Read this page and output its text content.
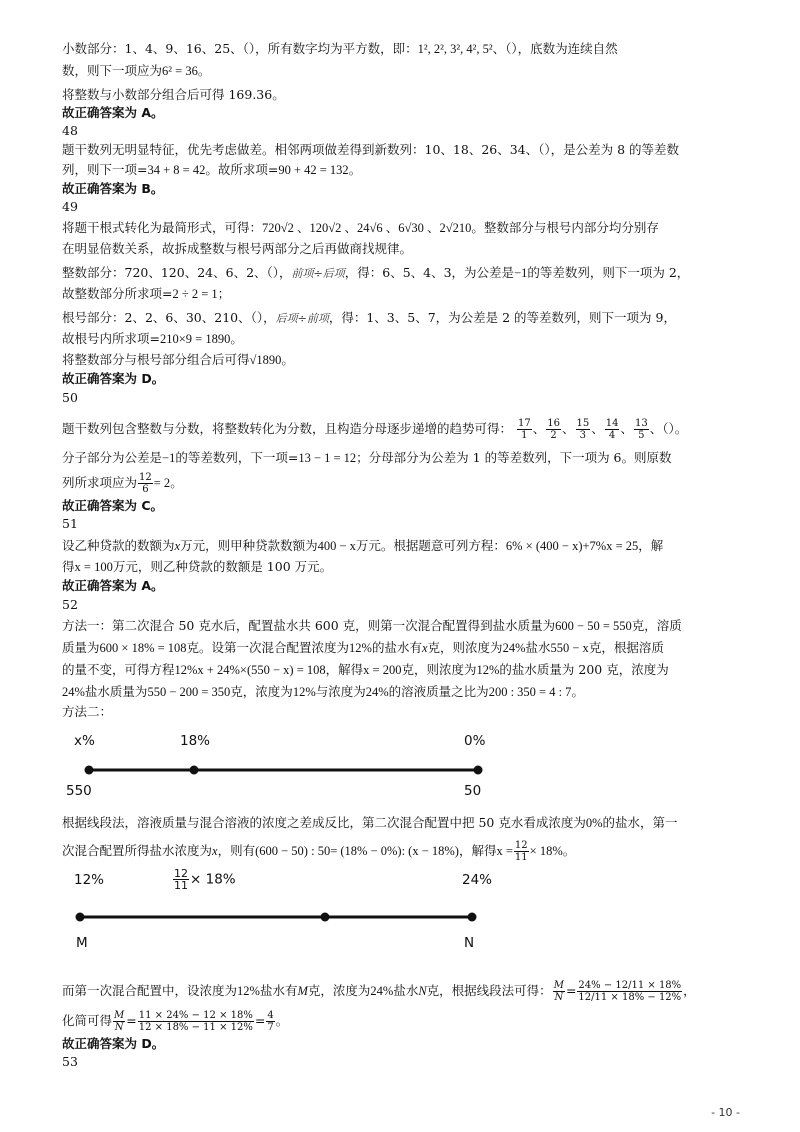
小数部分：1、4、9、16、25、（），所有数字均为平方数，即：1², 2², 3², 4², 5²、（），底数为连续自然
数，则下一项应为6² = 36。
将整数与小数部分组合后可得 169.36。
故正确答案为 A。
48
题干数列无明显特征，优先考虑做差。相邻两项做差得到新数列：10、18、26、34、（），是公差为 8 的等差数
列，则下一项=34 + 8 = 42。故所求项=90 + 42 = 132。
故正确答案为 B。
49
将题干根式转化为最简形式，可得：720√2 、120√2 、24√6 、6√30 、2√210。整数部分与根号内部分均分别存
在明显倍数关系，故拆成整数与根号两部分之后再做商找规律。
整数部分：720、120、24、6、2、（），前项÷后项，得：6、5、4、3，为公差是−1的等差数列，则下一项为 2，
故整数部分所求项=2 ÷ 2 = 1；
根号部分：2、2、6、30、210、（），后项÷前项，得：1、3、5、7，为公差是 2 的等差数列，则下一项为 9，
故根号内所求项=210×9 = 1890。
将整数部分与根号部分组合后可得√1890。
故正确答案为 D。
50
题干数列包含整数与分数，将整数转化为分数，且构造分母逐步递增的趋势可得： $\frac{17}{1}$ 、 $\frac{16}{2}$ 、 $\frac{15}{3}$ 、 $\frac{14}{4}$ 、 $\frac{13}{5}$ 、（）。
分子部分为公差是−1的等差数列，下一项=13 − 1 = 12；分母部分为公差为 1 的等差数列，下一项为 6。则原数
列所求项应为 $\frac{12}{6} = 2$。
故正确答案为 C。
51
设乙种贷款的数额为x万元，则甲种贷款数额为400 − x万元。根据题意可列方程：6% × (400 − x)+7%x = 25，解
得x = 100万元，则乙种贷款的数额是 100 万元。
故正确答案为 A。
52
方法一：第二次混合 50 克水后，配置盐水共 600 克，则第一次混合配置得到盐水质量为600 − 50 = 550克，溶质
质量为600 × 18% = 108克。设第一次混合配置浓度为12%的盐水有x克，则浓度为24%盐水550 − x克，根据溶质
的量不变，可得方程12%x + 24%×(550 − x) = 108，解得x = 200克，则浓度为12%的盐水质量为 200 克，浓度为
24%盐水质量为550 − 200 = 350克，浓度为12%与浓度为24%的溶液质量之比为200 : 350 = 4 : 7。
方法二：
x%	18%	0%
550	50
根据线段法，溶液质量与混合溶液的浓度之差成反比，第二次混合配置中把 50 克水看成浓度为0%的盐水，第一
次混合配置所得盐水浓度为x，则有(600 − 50) : 50= (18% − 0%): (x − 18%)，解得$x = \frac{12}{11} \times 18\%$。
12%	$\frac{12}{11} \times 18\%$	24%
M	N
而第一次混合配置中，设浓度为12%盐水有M克，浓度为24%盐水N克，根据线段法可得： $\frac{M}{N} = \frac{24\% - 12/11 \times 18\%}{12/11 \times 18\% - 12\%}$ ，
化简可得 $\frac{M}{N} = \frac{11 \times 24\% - 12 \times 18\%}{12 \times 18\% - 11 \times 12\%} = \frac{4}{7}$ 。
故正确答案为 D。
53
- 10 -
